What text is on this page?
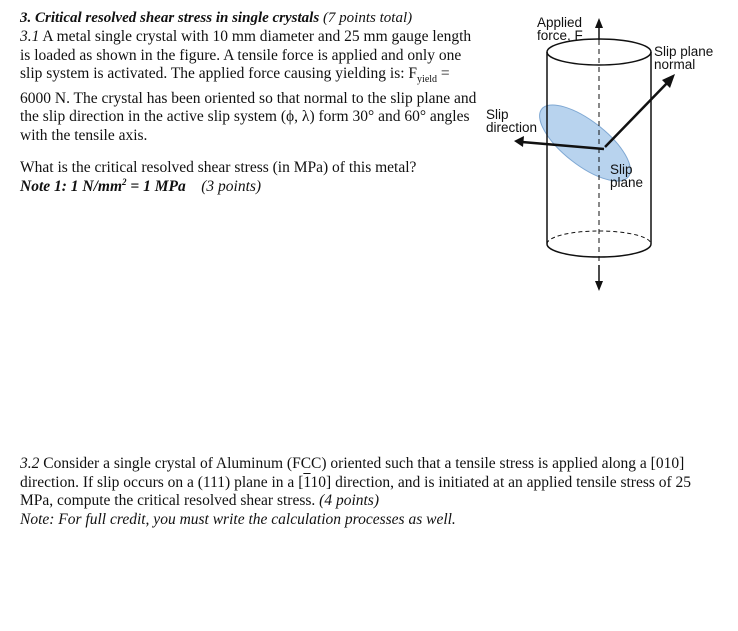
3. Critical resolved shear stress in single crystals (7 points total)
3.1 A metal single crystal with 10 mm diameter and 25 mm gauge length is loaded as shown in the figure. A tensile force is applied and only one slip system is activated. The applied force causing yielding is: $F_{yield} = 6000$ N. The crystal has been oriented so that normal to the slip plane and the slip direction in the active slip system (ϕ, λ) form 30° and 60° angles with the tensile axis.
What is the critical resolved shear stress (in MPa) of this metal?
Note 1: 1 $N/mm^2 = 1$ MPa (3 points)
Applied
force, F
Slip plane
normal
Slip
direction
Slip
plane
3.2 Consider a single crystal of Aluminum (FCC) oriented such that a tensile stress is applied along a [010] direction. If slip occurs on a (111) plane in a [110] direction, and is initiated at an applied tensile stress of 25 MPa, compute the critical resolved shear stress. (4 points)
Note: For full credit, you must write the calculation processes as well.
